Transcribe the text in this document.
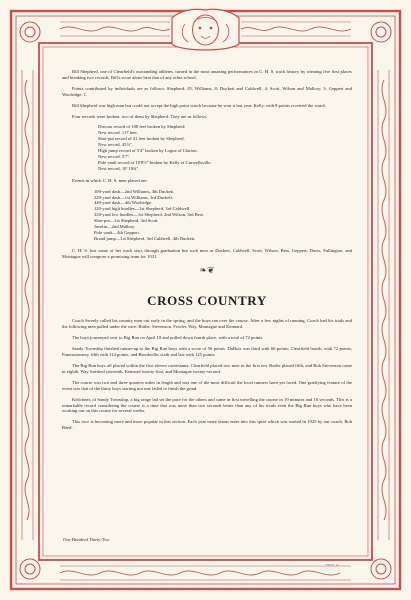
Bill Shepherd, one of Clearfield's outstanding athletes, turned in the most amazing performances in C. H. S. track history by winning five first places and breaking two records. Bill's score alone beat that of any other school.

Points contributed by individuals are as follows. Shepherd, 25, Williams, 8; Duckett and Caldwell, 4; Scott, Wilson and Mallory, 3; Geppert and Woolridge, 1.

Bill Shepherd was high man but could not accept the high point watch because he won it last year. Kelly, with 8 points received the watch.

Four records were broken, two of them by Shepherd. They are as follows.

Discuss record of 108 feet broken by Shepherd.
New record, 117 feet.
Shot-put record of 41 feet broken by Shepherd.
New record, 45½".
High jump record of 5'4" broken by Logue of Clarion.
New record, 5'7".
Pole vault record of 10'8½" broken by Kelly of Curwellsville.
New record, 10' 10¾".

Events in which C. H. S. men placed are:

100-yard dash—2nd Williams, 4th Duckett.
220-yard dash—1st Williams, 3rd Duckett.
440-yard dash—4th Woolridge.
120-yard high hurdles—1st Shepherd, 3rd Caldwell.
220-yard low hurdles—1st Shepherd, 2nd Wilson, 3rd Best.
Shot-put—1st Shepherd, 3rd Scott.
Javelin—2nd Mallory.
Pole vault—4th Geppert.
Broad jump—1st Shepherd, 3rd Caldwell, 4th Duckett.

C. H. S. lost some of her track stars through graduation but such men as Duckett, Caldwell, Scott, Wilson, Best, Geppert, Davis, Fullington, and Montague will compose a promising team for 1931.

❧❦
CROSS COUNTRY

Coach Sweely called his country men out early in the spring, and the boys ran over the course. After a few nights of running, Coach had his trials and the following men pulled under the wire: Butler, Stevenson, Fowler, Way, Montague and Kennard.

The boys journeyed over to Big Run on April 18 and pulled down fourth place, with a total of 72 points.

Sandy Township finished runner-up to the Big Run boys with a score of 56 points. DuBois was third with 66 points; Clearfield fourth, with 72 points; Punxsutawney, fifth with 114 points; and Brookville, sixth and last with 125 points.

The Big Run boys all placed within the first eleven contestants. Clearfield placed two men in the first ten. Butler placed fifth, and Bob Stevenson came in eighth. Way finished sixteenth, Kennard twenty-first, and Montague twenty-second.

The course was two and three quarters miles in length and was one of the most difficult the local runners have yet faced. One gratifying feature of the event was that of the thirty boys starting not one failed to finish the grind.

Kelichner, of Sandy Township, a big range lad set the pace for the others and came in first travelling the course in 19 minutes and 10 seconds. This is a remarkable record considering the course is a time that was more than two seconds better than any of his rivals even the Big Run boys who have been working out on this course for several weeks.

This race is becoming more and more popular in this section. Each year more teams enter into this sport which was started in 1925 by our coach, Bob Reed.

One Hundred Thirty-Two
FNED. W.
